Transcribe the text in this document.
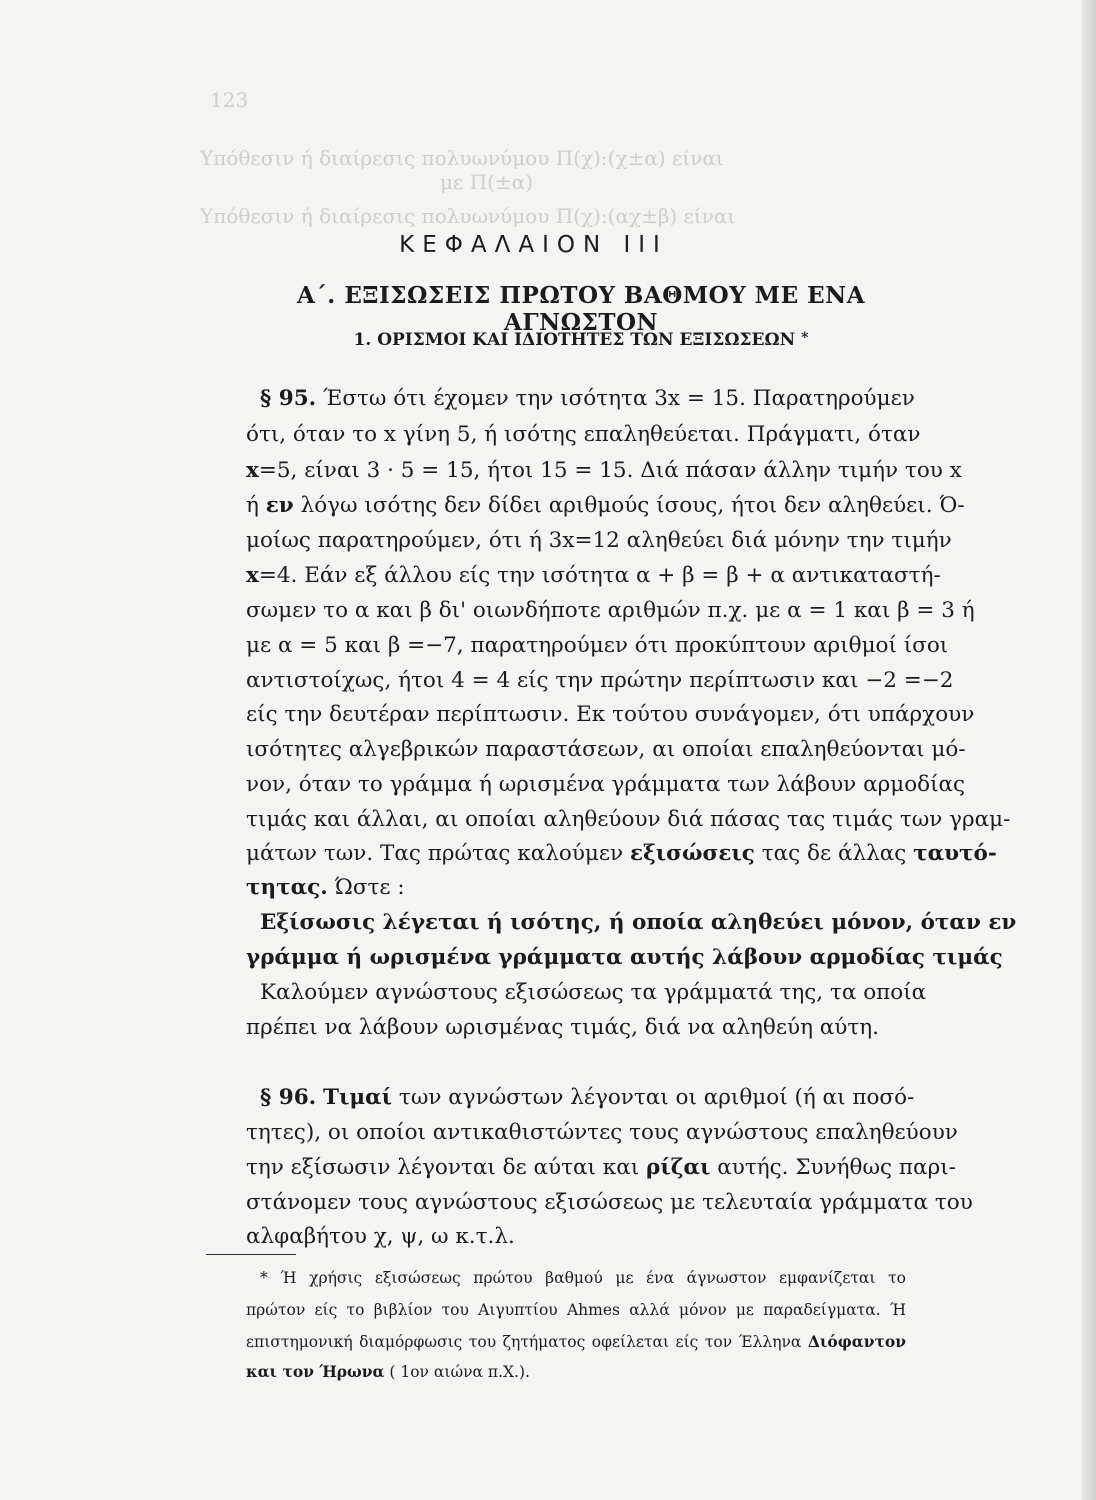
123
Υπόθεσιν ή διαίρεσις πολυωνύμου Π(χ):(χ±α) είναι
με Π(±α)
Υπόθεσιν ή διαίρεσις πολυωνύμου Π(χ):(αχ±β) είναι
ΚΕΦΑΛΑΙΟΝ ΙΙΙ
Α΄. ΕΞΙΣΩΣΕΙΣ ΠΡΩΤΟΥ ΒΑΘΜΟΥ ΜΕ ΕΝΑ ΑΓΝΩΣΤΟΝ
1. ΟΡΙΣΜΟΙ ΚΑΙ ΙΔΙΟΤΗΤΕΣ ΤΩΝ ΕΞΙΣΩΣΕΩΝ *
§ 95. Έστω ότι έχομεν την ισότητα 3x = 15. Παρατηρούμεν
ότι, όταν το x γίνη 5, ή ισότης επαληθεύεται. Πράγματι, όταν
x=5, είναι 3 · 5 = 15, ήτοι 15 = 15. Διά πάσαν άλλην τιμήν του x
ή εν λόγω ισότης δεν δίδει αριθμούς ίσους, ήτοι δεν αληθεύει. Ό-
μοίως παρατηρούμεν, ότι ή 3x=12 αληθεύει διά μόνην την τιμήν
x=4. Εάν εξ άλλου είς την ισότητα α + β = β + α αντικαταστή-
σωμεν το α και β δι' οιωνδήποτε αριθμών π.χ. με α = 1 και β = 3 ή
με α = 5 και β =−7, παρατηρούμεν ότι προκύπτουν αριθμοί ίσοι
αντιστοίχως, ήτοι 4 = 4 είς την πρώτην περίπτωσιν και −2 =−2
είς την δευτέραν περίπτωσιν. Εκ τούτου συνάγομεν, ότι υπάρχουν
ισότητες αλγεβρικών παραστάσεων, αι οποίαι επαληθεύονται μό-
νον, όταν το γράμμα ή ωρισμένα γράμματα των λάβουν αρμοδίας
τιμάς και άλλαι, αι οποίαι αληθεύουν διά πάσας τας τιμάς των γραμ-
μάτων των. Τας πρώτας καλούμεν εξισώσεις τας δε άλλας ταυτό-
τητας. Ώστε :
Εξίσωσις λέγεται ή ισότης, ή οποία αληθεύει μόνον, όταν εν
γράμμα ή ωρισμένα γράμματα αυτής λάβουν αρμοδίας τιμάς
Καλούμεν αγνώστους εξισώσεως τα γράμματά της, τα οποία
πρέπει να λάβουν ωρισμένας τιμάς, διά να αληθεύη αύτη.
§ 96. Τιμαί των αγνώστων λέγονται οι αριθμοί (ή αι ποσό-
τητες), οι οποίοι αντικαθιστώντες τους αγνώστους επαληθεύουν
την εξίσωσιν λέγονται δε αύται και ρίζαι αυτής. Συνήθως παρι-
στάνομεν τους αγνώστους εξισώσεως με τελευταία γράμματα του
αλφαβήτου χ, ψ, ω κ.τ.λ.
* Ή χρήσις εξισώσεως πρώτου βαθμού με ένα άγνωστον εμφανίζεται το
πρώτον είς το βιβλίον του Αιγυπτίου Ahmes αλλά μόνον με παραδείγματα. Ή
επιστημονική διαμόρφωσις του ζητήματος οφείλεται είς τον Έλληνα Διόφαντον
και τον Ήρωνα ( 1ον αιώνα π.Χ.).
